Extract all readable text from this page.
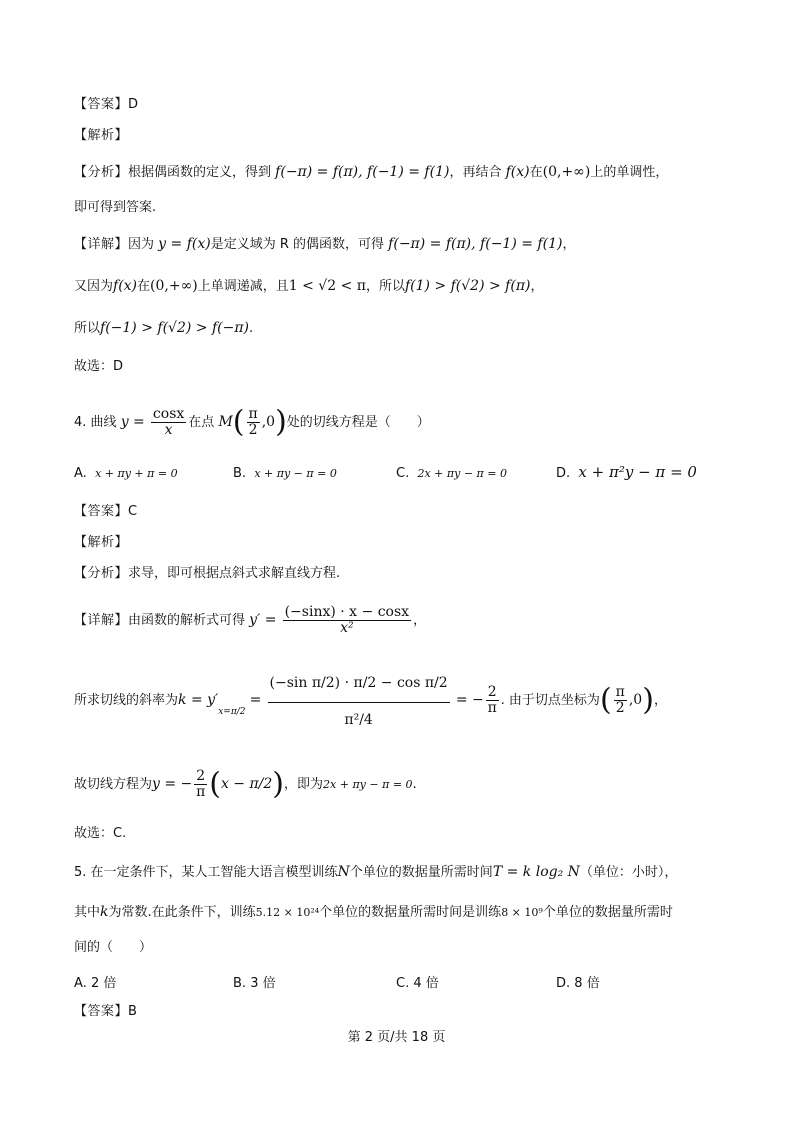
【答案】D
【解析】
【分析】根据偶函数的定义，得到 f(−π) = f(π), f(−1) = f(1)，再结合 f(x)在(0,+∞)上的单调性，
即可得到答案.
【详解】因为 y = f(x)是定义域为 R 的偶函数，可得 f(−π) = f(π), f(−1) = f(1)，
又因为f(x)在(0,+∞)上单调递减，且1 < √2 < π，所以f(1) > f(√2) > f(π)，
所以f(−1) > f(√2) > f(−π).
故选：D
4. 曲线 $y = \frac{\cos x}{x}$ 在点 $M( \frac{\pi}{2} ,0)$处的切线方程是（　　）
A. x + πy + π = 0	B. x + πy − π = 0	C. 2x + πy − π = 0	D. x + π²y − π = 0
【答案】C
【解析】
【分析】求导，即可根据点斜式求解直线方程.
【详解】由函数的解析式可得 $y' = \frac{(-\sin x) \cdot x - \cos x}{\text{x²}}$ ，
所求切线的斜率为$k = y'_{x=\pi/2} = \frac{\text{(−sin π/2) · π/2 − cos π/2}}{\text{π²/4}}$ = − $\frac{2}{\pi}$ . 由于切点坐标为( $\frac{\pi}{2} ,0$)，
故切线方程为y = − $\frac{2}{\pi} (x - \pi/2)$，即为2x + πy − π = 0.
故选：C.
5. 在一定条件下，某人工智能大语言模型训练N个单位的数据量所需时间T = k log₂ N（单位：小时），
其中k为常数.在此条件下，训练5.12 × 10²⁴个单位的数据量所需时间是训练8 × 10⁹个单位的数据量所需时
间的（　　）
A. 2 倍	B. 3 倍	C. 4 倍	D. 8 倍
【答案】B
第 2 页/共 18 页
